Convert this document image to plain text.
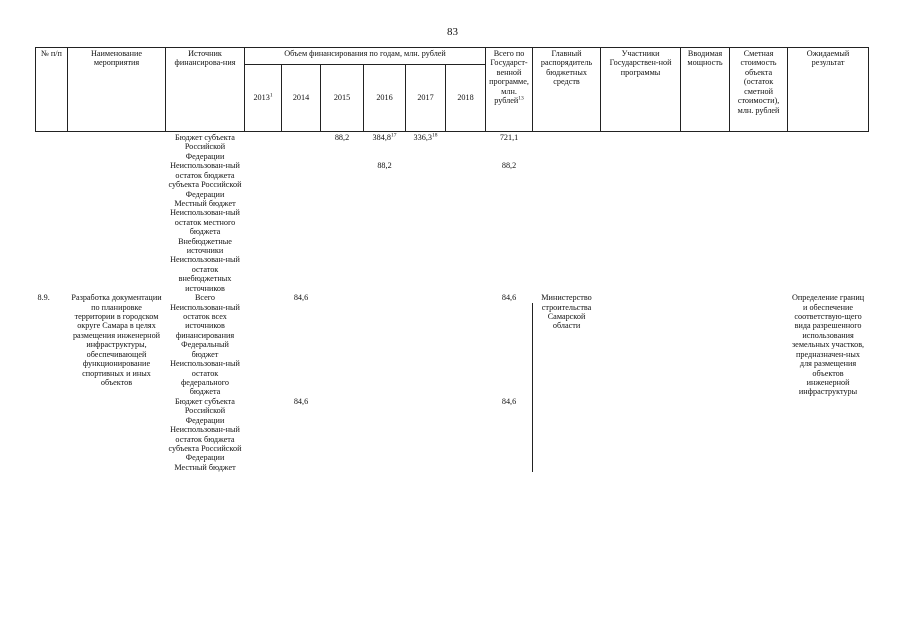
83
№ п/п	Наименование мероприятия	Источник финансирова-ния	Объем финансирования по годам, млн. рублей						Всего по Государст-венной программе, млн. рублей$^{13}$	Главный распорядитель бюджетных средств	Участники Государствен-ной программы	Вводимая мощность	Сметная стоимость объекта (остаток сметной стоимости), млн. рублей	Ожидаемый результат
			2013$^1$	2014	2015	2016	2017	2018						
		Бюджет субъекта Российской Федерации			88,2	384,8$^{17}$	336,3$^{18}$		721,1					
		Неиспользован-ный остаток бюджета субъекта Российской Федерации				88,2			88,2					
		Местный бюджет												
		Неиспользован-ный остаток местного бюджета												
		Внебюджетные источники												
		Неиспользован-ный остаток внебюджетных источников												
8.9.	Разработка документации по планировке территории в городском округе Самара в целях размещения инженерной инфраструктуры, обеспечивающей функционирование спортивных и иных объектов	Всего		84,6					84,6	Министерство строительства Самарской области				Определение границ и обеспечение соответствую-щего вида разрешенного использования земельных участков, предназначен-ных для размещения объектов инженерной инфраструктуры
		Неиспользован-ный остаток всех источников финансирования												
		Федеральный бюджет												
		Неиспользован-ный остаток федерального бюджета												
		Бюджет субъекта Российской Федерации		84,6					84,6					
		Неиспользован-ный остаток бюджета субъекта Российской Федерации												
		Местный бюджет												
